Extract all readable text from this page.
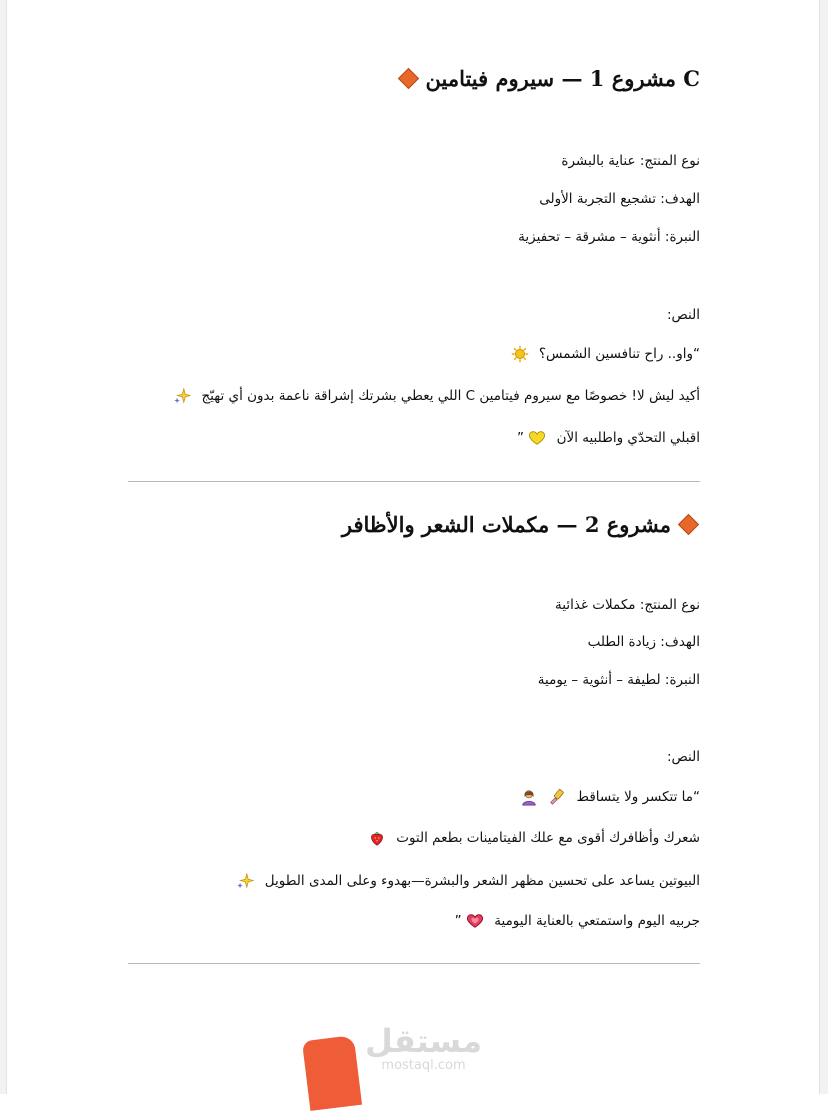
C مشروع 1 — سيروم فيتامين

نوع المنتج: عناية بالبشرة

الهدف: تشجيع التجربة الأولى

النبرة: أنثوية – مشرقة – تحفيزية

النص:

“واو.. راح تنافسين الشمس؟

أكيد ليش لا! خصوصًا مع سيروم فيتامين C اللي يعطي بشرتك إشراقة ناعمة بدون أي تهيّج

اقبلي التحدّي واطلبيه الآن  ”

مشروع 2 — مكملات الشعر والأظافر

نوع المنتج: مكملات غذائية

الهدف: زيادة الطلب

النبرة: لطيفة – أنثوية – يومية

النص:

“ما تتكسر ولا يتساقط

شعرك وأظافرك أقوى مع علك الفيتامينات بطعم التوت

البيوتين يساعد على تحسين مظهر الشعر والبشرة—بهدوء وعلى المدى الطويل

جربيه اليوم واستمتعي بالعناية اليومية  ”

مستقل
mostaql.com
